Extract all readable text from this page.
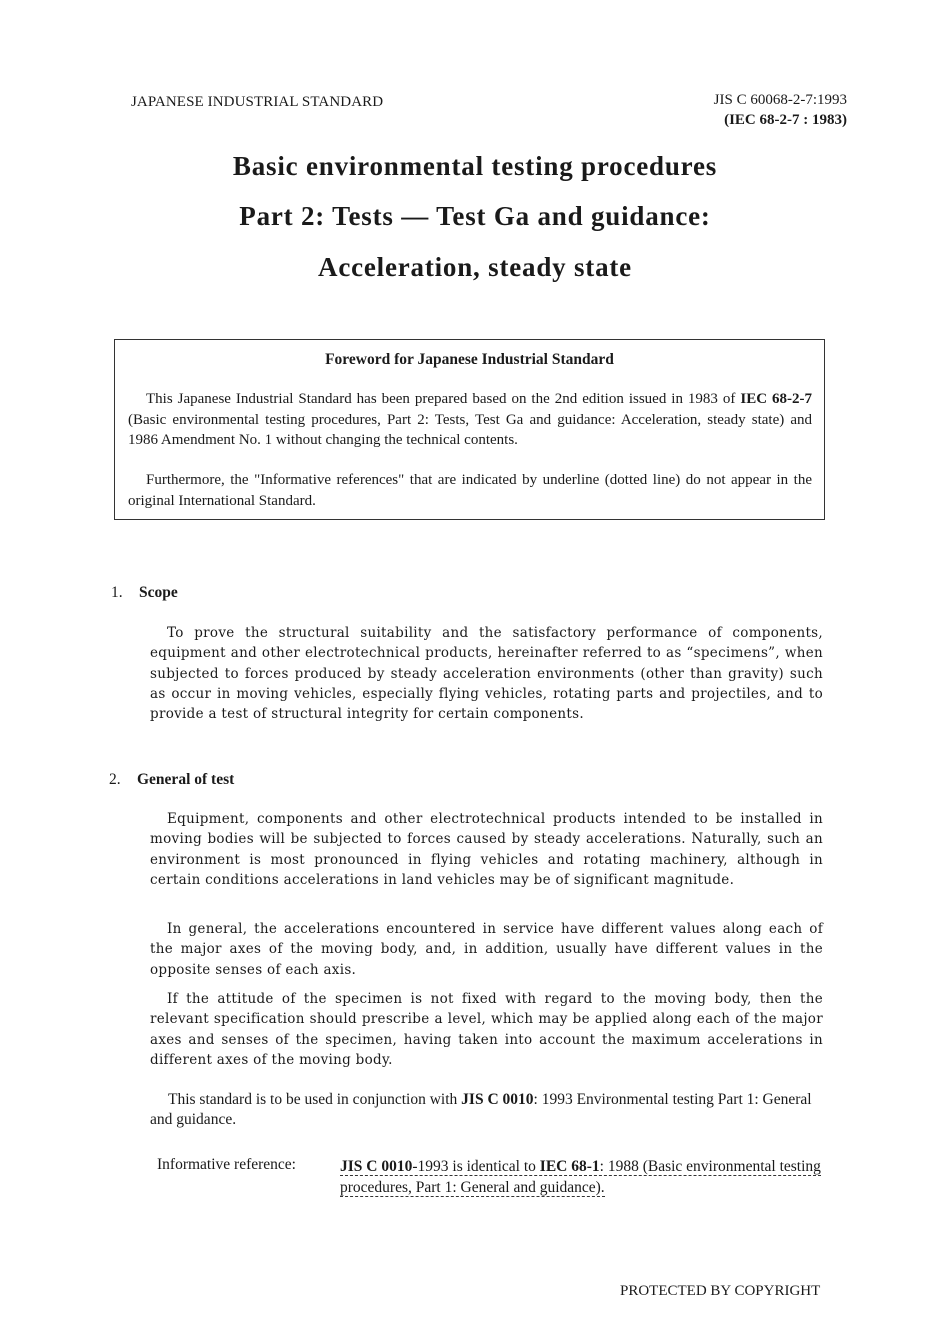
JAPANESE INDUSTRIAL STANDARD	JIS C 60068-2-7:1993
(IEC 68-2-7 : 1983)
Basic environmental testing procedures
Part 2: Tests — Test Ga and guidance:
Acceleration, steady state
Foreword for Japanese Industrial Standard
This Japanese Industrial Standard has been prepared based on the 2nd edition issued in 1983 of IEC 68-2-7 (Basic environmental testing procedures, Part 2: Tests, Test Ga and guidance: Acceleration, steady state) and 1986 Amendment No. 1 without changing the technical contents.
Furthermore, the "Informative references" that are indicated by underline (dotted line) do not appear in the original International Standard.
1. Scope
To prove the structural suitability and the satisfactory performance of components, equipment and other electrotechnical products, hereinafter referred to as “specimens”, when subjected to forces produced by steady acceleration environments (other than gravity) such as occur in moving vehicles, especially flying vehicles, rotating parts and projectiles, and to provide a test of structural integrity for certain components.
2. General of test
Equipment, components and other electrotechnical products intended to be installed in moving bodies will be subjected to forces caused by steady accelerations. Naturally, such an environment is most pronounced in flying vehicles and rotating machinery, although in certain conditions accelerations in land vehicles may be of significant magnitude.
In general, the accelerations encountered in service have different values along each of the major axes of the moving body, and, in addition, usually have different values in the opposite senses of each axis.
If the attitude of the specimen is not fixed with regard to the moving body, then the relevant specification should prescribe a level, which may be applied along each of the major axes and senses of the specimen, having taken into account the maximum accelerations in different axes of the moving body.
This standard is to be used in conjunction with JIS C 0010: 1993 Environmental testing Part 1: General and guidance.
Informative reference:	JIS C 0010-1993 is identical to IEC 68-1: 1988 (Basic environmental testing procedures, Part 1: General and guidance).
PROTECTED BY COPYRIGHT
